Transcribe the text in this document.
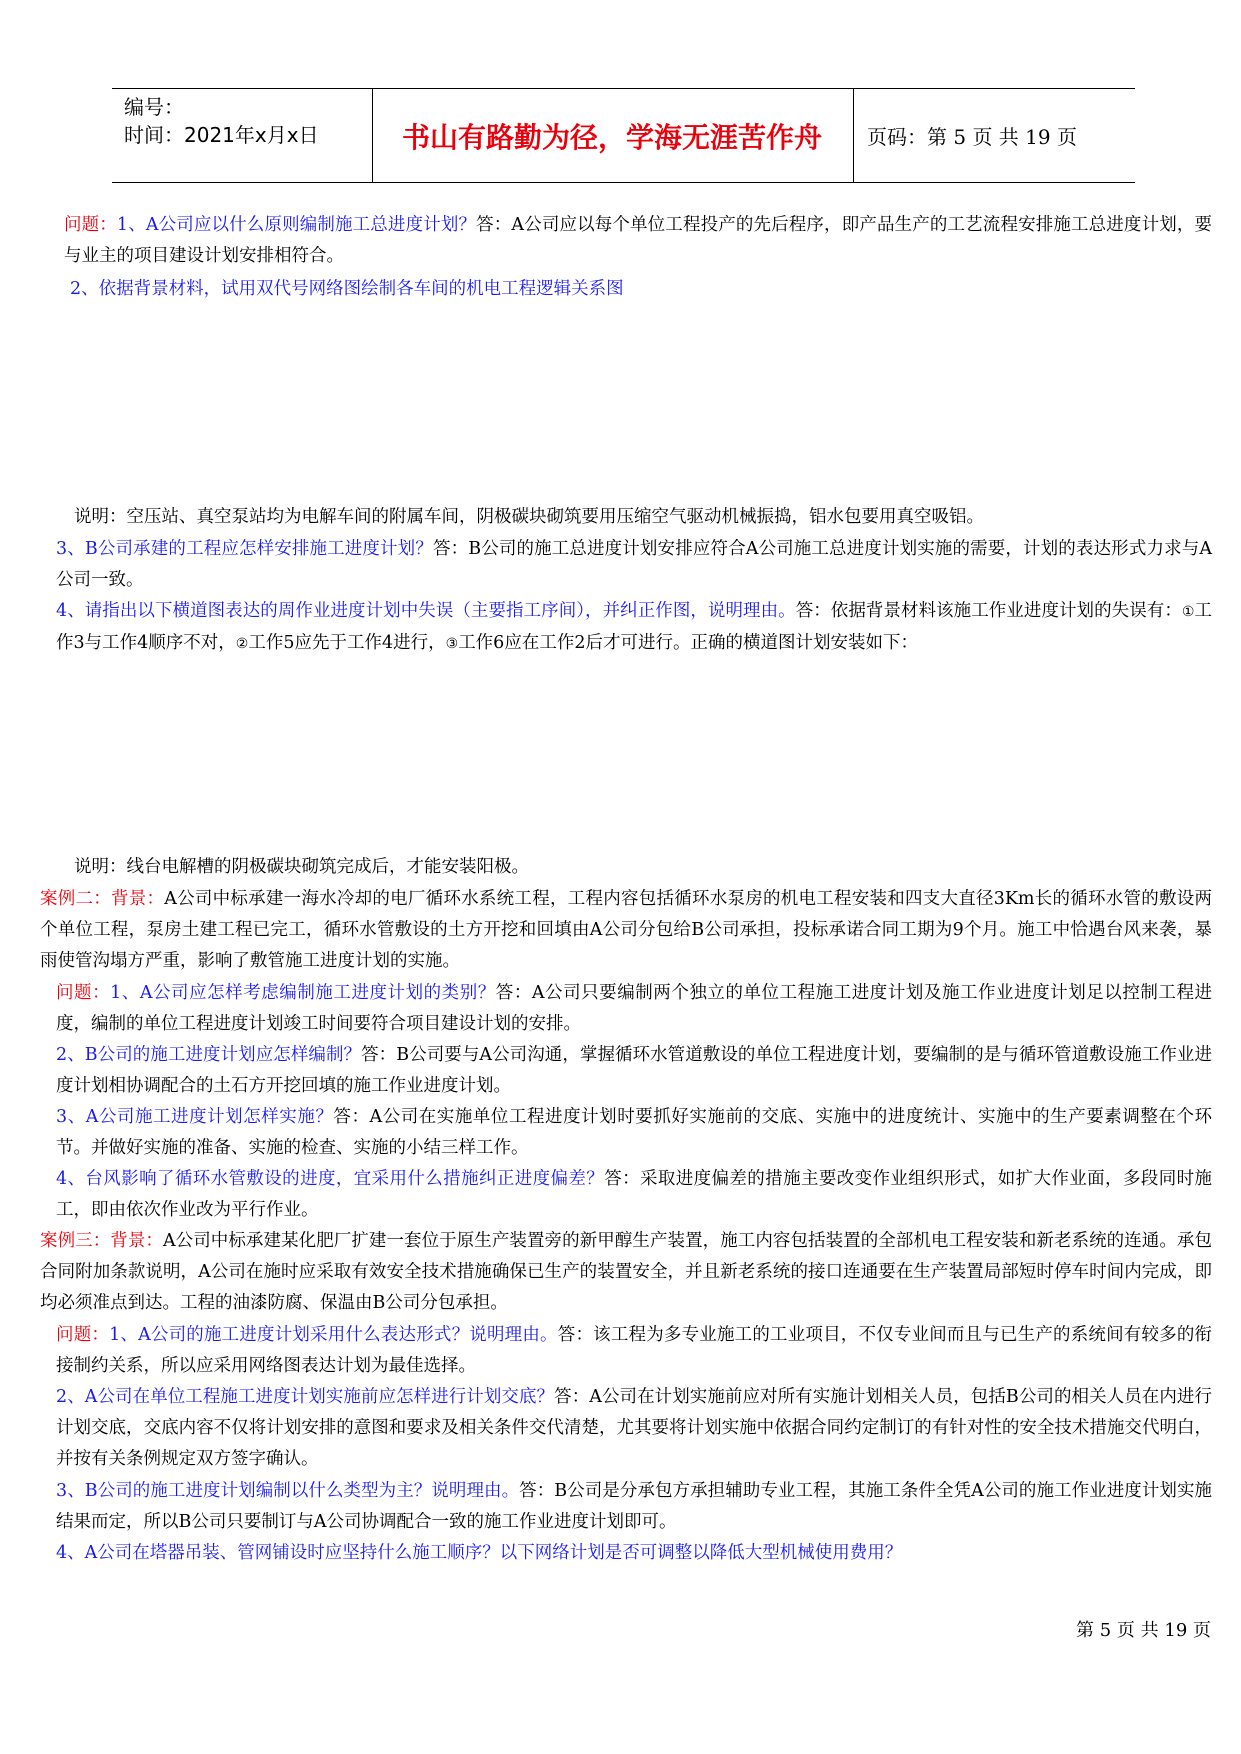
编号：
时间：2021年x月x日	书山有路勤为径，学海无涯苦作舟	页码：第 5 页 共 19 页
问题：1、A公司应以什么原则编制施工总进度计划？答：A公司应以每个单位工程投产的先后程序，即产品生产的工艺流程安排施工总进度计划，要与业主的项目建设计划安排相符合。
2、依据背景材料，试用双代号网络图绘制各车间的机电工程逻辑关系图
说明：空压站、真空泵站均为电解车间的附属车间，阴极碳块砌筑要用压缩空气驱动机械振捣，铝水包要用真空吸铝。
3、B公司承建的工程应怎样安排施工进度计划？答：B公司的施工总进度计划安排应符合A公司施工总进度计划实施的需要，计划的表达形式力求与A公司一致。
4、请指出以下横道图表达的周作业进度计划中失误（主要指工序间），并纠正作图，说明理由。答：依据背景材料该施工作业进度计划的失误有：①工作3与工作4顺序不对，②工作5应先于工作4进行，③工作6应在工作2后才可进行。正确的横道图计划安装如下：
说明：线台电解槽的阴极碳块砌筑完成后，才能安装阳极。
案例二：背景：A公司中标承建一海水冷却的电厂循环水系统工程，工程内容包括循环水泵房的机电工程安装和四支大直径3Km长的循环水管的敷设两个单位工程，泵房土建工程已完工，循环水管敷设的土方开挖和回填由A公司分包给B公司承担，投标承诺合同工期为9个月。施工中恰遇台风来袭，暴雨使管沟塌方严重，影响了敷管施工进度计划的实施。
问题：1、A公司应怎样考虑编制施工进度计划的类别？答：A公司只要编制两个独立的单位工程施工进度计划及施工作业进度计划足以控制工程进度，编制的单位工程进度计划竣工时间要符合项目建设计划的安排。
2、B公司的施工进度计划应怎样编制？答：B公司要与A公司沟通，掌握循环水管道敷设的单位工程进度计划，要编制的是与循环管道敷设施工作业进度计划相协调配合的土石方开挖回填的施工作业进度计划。
3、A公司施工进度计划怎样实施？答：A公司在实施单位工程进度计划时要抓好实施前的交底、实施中的进度统计、实施中的生产要素调整在个环节。并做好实施的准备、实施的检查、实施的小结三样工作。
4、台风影响了循环水管敷设的进度，宜采用什么措施纠正进度偏差？答：采取进度偏差的措施主要改变作业组织形式，如扩大作业面，多段同时施工，即由依次作业改为平行作业。
案例三：背景：A公司中标承建某化肥厂扩建一套位于原生产装置旁的新甲醇生产装置，施工内容包括装置的全部机电工程安装和新老系统的连通。承包合同附加条款说明，A公司在施时应采取有效安全技术措施确保已生产的装置安全，并且新老系统的接口连通要在生产装置局部短时停车时间内完成，即均必须准点到达。工程的油漆防腐、保温由B公司分包承担。
问题：1、A公司的施工进度计划采用什么表达形式？说明理由。答：该工程为多专业施工的工业项目，不仅专业间而且与已生产的系统间有较多的衔接制约关系，所以应采用网络图表达计划为最佳选择。
2、A公司在单位工程施工进度计划实施前应怎样进行计划交底？答：A公司在计划实施前应对所有实施计划相关人员，包括B公司的相关人员在内进行计划交底，交底内容不仅将计划安排的意图和要求及相关条件交代清楚，尤其要将计划实施中依据合同约定制订的有针对性的安全技术措施交代明白，并按有关条例规定双方签字确认。
3、B公司的施工进度计划编制以什么类型为主？说明理由。答：B公司是分承包方承担辅助专业工程，其施工条件全凭A公司的施工作业进度计划实施结果而定，所以B公司只要制订与A公司协调配合一致的施工作业进度计划即可。
4、A公司在塔器吊装、管网铺设时应坚持什么施工顺序？以下网络计划是否可调整以降低大型机械使用费用？
第 5 页 共 19 页
